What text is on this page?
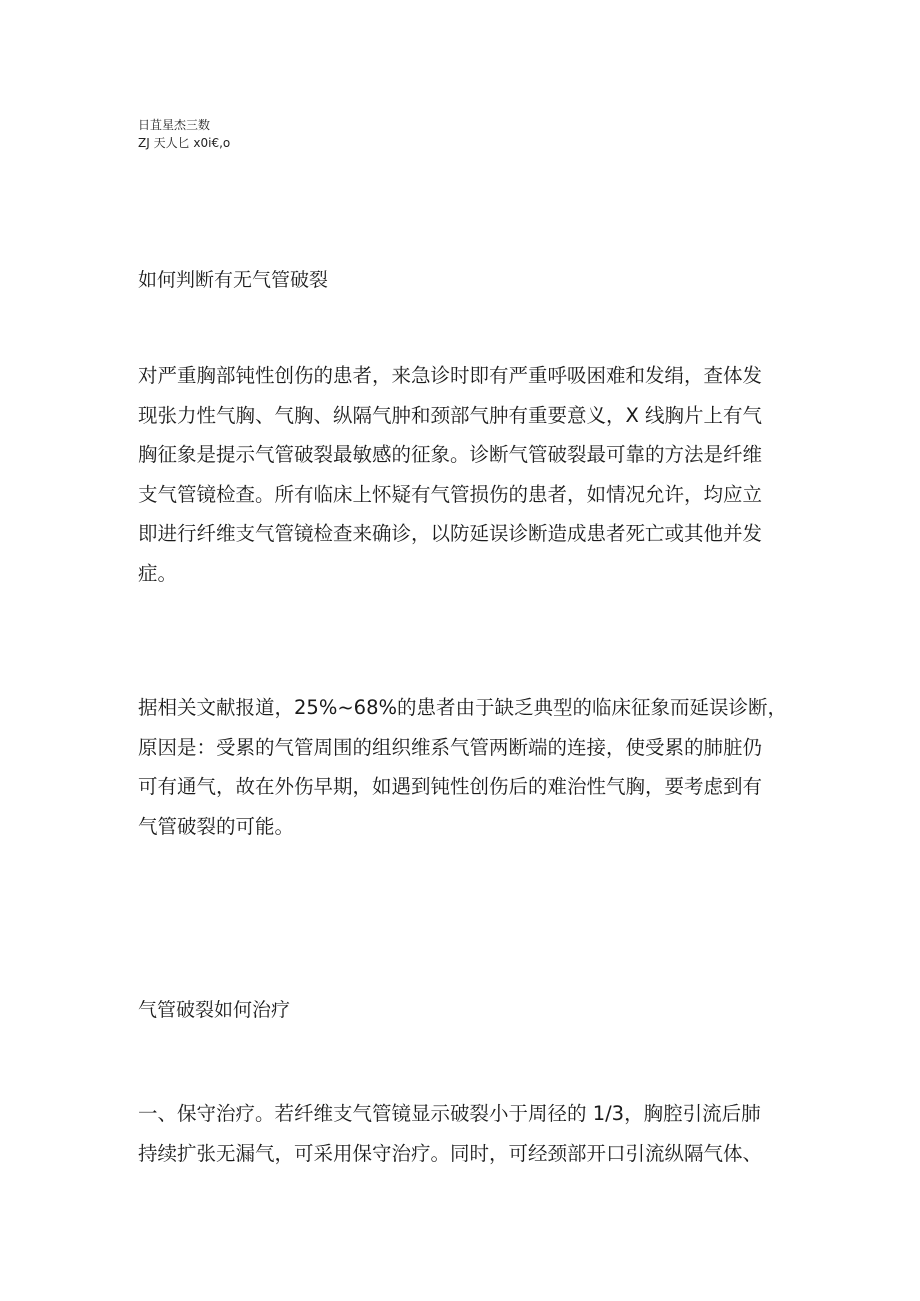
日苴星杰三数
ZJ 天人匕 x0i€,o
如何判断有无气管破裂
对严重胸部钝性创伤的患者，来急诊时即有严重呼吸困难和发绢，查体发
现张力性气胸、气胸、纵隔气肿和颈部气肿有重要意义，X 线胸片上有气
胸征象是提示气管破裂最敏感的征象。诊断气管破裂最可靠的方法是纤维
支气管镜检查。所有临床上怀疑有气管损伤的患者，如情况允许，均应立
即进行纤维支气管镜检查来确诊，以防延误诊断造成患者死亡或其他并发
症。
据相关文献报道，25%~68%的患者由于缺乏典型的临床征象而延误诊断，
原因是：受累的气管周围的组织维系气管两断端的连接，使受累的肺脏仍
可有通气，故在外伤早期，如遇到钝性创伤后的难治性气胸，要考虑到有
气管破裂的可能。
气管破裂如何治疗
一、保守治疗。若纤维支气管镜显示破裂小于周径的 1/3，胸腔引流后肺
持续扩张无漏气，可采用保守治疗。同时，可经颈部开口引流纵隔气体、
